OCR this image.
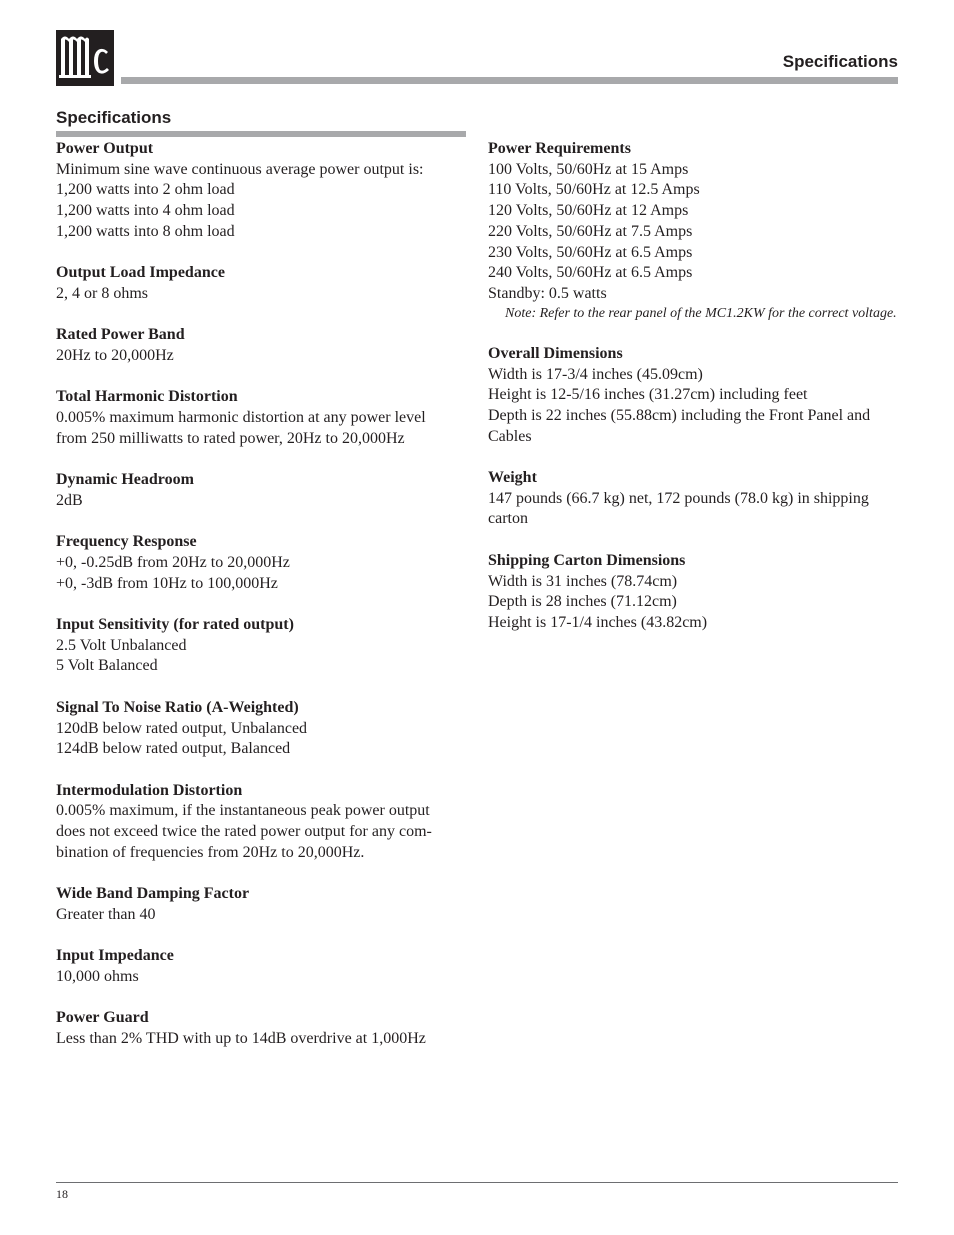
Specifications
Specifications
Power Output
Minimum sine wave continuous average power output is:
1,200 watts into 2 ohm load
1,200 watts into 4 ohm load
1,200 watts into 8 ohm load
Output Load Impedance
2, 4 or 8 ohms
Rated Power Band
20Hz to 20,000Hz
Total Harmonic Distortion
0.005% maximum harmonic distortion at any power level
from 250 milliwatts to rated power, 20Hz to 20,000Hz
Dynamic Headroom
2dB
Frequency Response
+0, -0.25dB from 20Hz to 20,000Hz
+0, -3dB from 10Hz to 100,000Hz
Input Sensitivity (for rated output)
2.5 Volt Unbalanced
5 Volt Balanced
Signal To Noise Ratio (A-Weighted)
120dB below rated output, Unbalanced
124dB below rated output, Balanced
Intermodulation Distortion
0.005% maximum, if the instantaneous peak power output
does not exceed twice the rated power output for any com-
bination of frequencies from 20Hz to 20,000Hz.
Wide Band Damping Factor
Greater than 40
Input Impedance
10,000 ohms
Power Guard
Less than 2% THD with up to 14dB overdrive at 1,000Hz
Power Requirements
100 Volts, 50/60Hz at 15 Amps
110 Volts, 50/60Hz at 12.5 Amps
120 Volts, 50/60Hz at 12 Amps
220 Volts, 50/60Hz at 7.5 Amps
230 Volts, 50/60Hz at 6.5 Amps
240 Volts, 50/60Hz at 6.5 Amps
Standby: 0.5 watts
Note: Refer to the rear panel of the MC1.2KW for the correct voltage.
Overall Dimensions
Width is 17-3/4 inches (45.09cm)
Height is 12-5/16 inches (31.27cm) including feet
Depth is 22 inches (55.88cm) including the Front Panel and Cables
Weight
147 pounds (66.7 kg) net, 172 pounds (78.0 kg) in shipping carton
Shipping Carton Dimensions
Width is 31 inches (78.74cm)
Depth is 28 inches (71.12cm)
Height is 17-1/4 inches (43.82cm)
18
